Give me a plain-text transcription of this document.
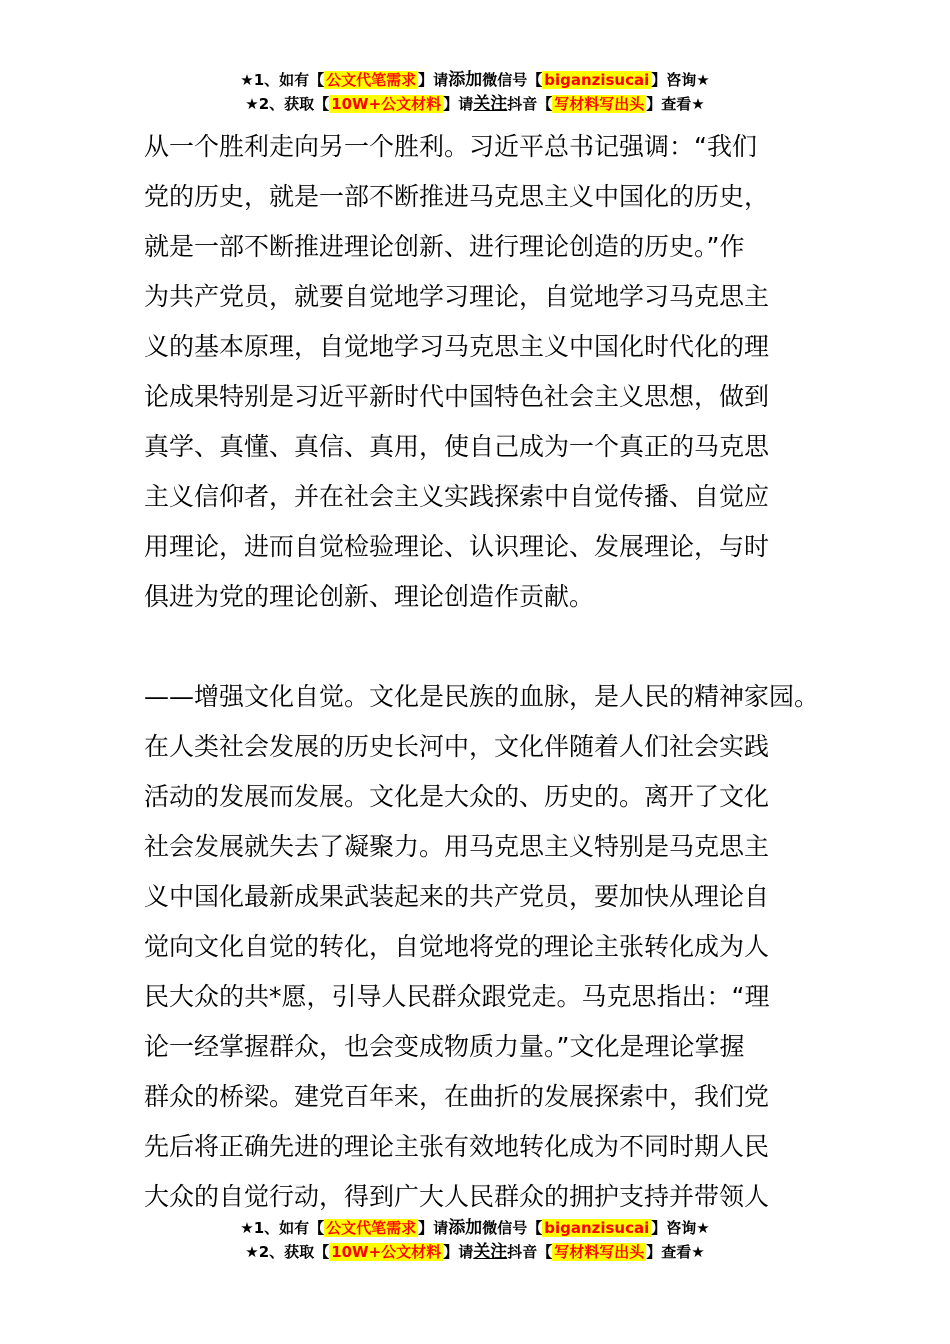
★1、如有【 公文代笔需求 】请添加微信号【 biganzisucai 】咨询★
★2、获取【 10W+公文材料 】请关注抖音【 写材料写出头 】查看★
从一个胜利走向另一个胜利。习近平总书记强调：“我们
党的历史，就是一部不断推进马克思主义中国化的历史，
就是一部不断推进理论创新、进行理论创造的历史。”作
为共产党员，就要自觉地学习理论，自觉地学习马克思主
义的基本原理，自觉地学习马克思主义中国化时代化的理
论成果特别是习近平新时代中国特色社会主义思想，做到
真学、真懂、真信、真用，使自己成为一个真正的马克思
主义信仰者，并在社会主义实践探索中自觉传播、自觉应
用理论，进而自觉检验理论、认识理论、发展理论，与时
俱进为党的理论创新、理论创造作贡献。
——增强文化自觉。文化是民族的血脉，是人民的精神家园。
在人类社会发展的历史长河中，文化伴随着人们社会实践
活动的发展而发展。文化是大众的、历史的。离开了文化
社会发展就失去了凝聚力。用马克思主义特别是马克思主
义中国化最新成果武装起来的共产党员，要加快从理论自
觉向文化自觉的转化，自觉地将党的理论主张转化成为人
民大众的共*愿，引导人民群众跟党走。马克思指出：“理
论一经掌握群众，也会变成物质力量。”文化是理论掌握
群众的桥梁。建党百年来，在曲折的发展探索中，我们党
先后将正确先进的理论主张有效地转化成为不同时期人民
大众的自觉行动，得到广大人民群众的拥护支持并带领人
★1、如有【 公文代笔需求 】请添加微信号【 biganzisucai 】咨询★
★2、获取【 10W+公文材料 】请关注抖音【 写材料写出头 】查看★
